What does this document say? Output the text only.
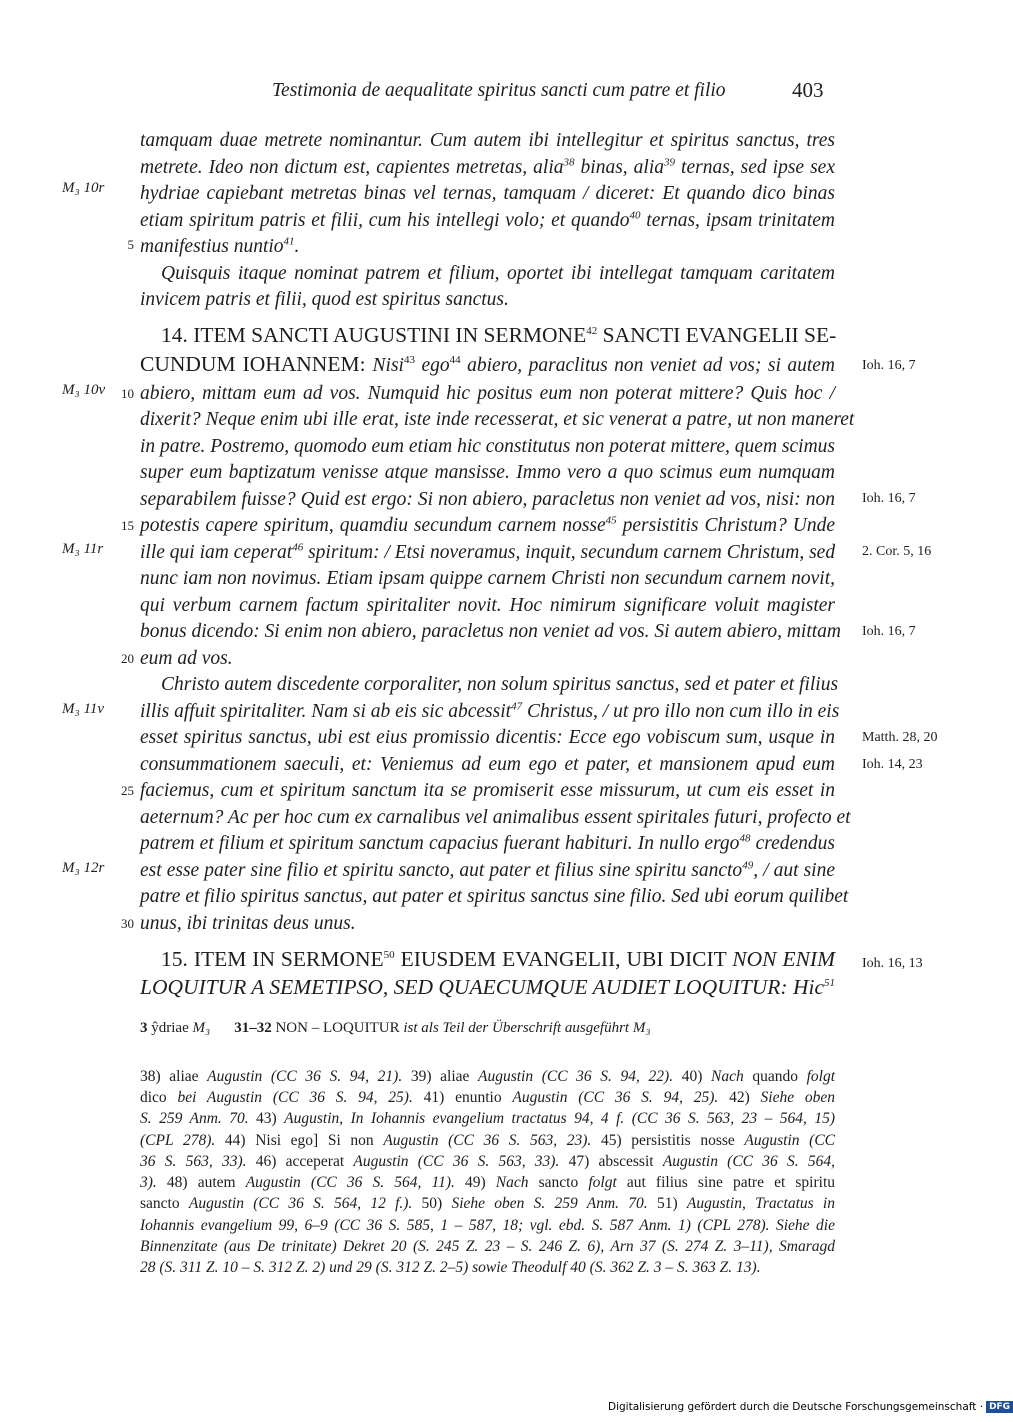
Testimonia de aequalitate spiritus sancti cum patre et filio	403
M₃ 10r
M₃ 10v
M₃ 11r
M₃ 11v
M₃ 12r
5
10
15
20
25
30
Ioh. 16, 7
Ioh. 16, 7
2. Cor. 5, 16
Ioh. 16, 7
Matth. 28, 20
Ioh. 14, 23
Ioh. 16, 13
tamquam duae metrete nominantur. Cum autem ibi intellegitur et spiritus sanctus, tres
metrete. Ideo non dictum est, capientes metretas, alia$^{38}$ binas, alia$^{39}$ ternas, sed ipse sex
hydriae capiebant metretas binas vel ternas, tamquam / diceret: Et quando dico binas
etiam spiritum patris et filii, cum his intellegi volo; et quando$^{40}$ ternas, ipsam trinitatem
manifestius nuntio$^{41}$.
Quisquis itaque nominat patrem et filium, oportet ibi intellegat tamquam caritatem
invicem patris et filii, quod est spiritus sanctus.
14. ITEM SANCTI AUGUSTINI IN SERMONE$^{42}$ SANCTI EVANGELII SE-
CUNDUM IOHANNEM: Nisi$^{43}$ ego$^{44}$ abiero, paraclitus non veniet ad vos; si autem
abiero, mittam eum ad vos. Numquid hic positus eum non poterat mittere? Quis hoc /
dixerit? Neque enim ubi ille erat, iste inde recesserat, et sic venerat a patre, ut non maneret
in patre. Postremo, quomodo eum etiam hic constitutus non poterat mittere, quem scimus
super eum baptizatum venisse atque mansisse. Immo vero a quo scimus eum numquam
separabilem fuisse? Quid est ergo: Si non abiero, paracletus non veniet ad vos, nisi: non
potestis capere spiritum, quamdiu secundum carnem nosse$^{45}$ persistitis Christum? Unde
ille qui iam ceperat$^{46}$ spiritum: / Etsi noveramus, inquit, secundum carnem Christum, sed
nunc iam non novimus. Etiam ipsam quippe carnem Christi non secundum carnem novit,
qui verbum carnem factum spiritaliter novit. Hoc nimirum significare voluit magister
bonus dicendo: Si enim non abiero, paracletus non veniet ad vos. Si autem abiero, mittam
eum ad vos.
Christo autem discedente corporaliter, non solum spiritus sanctus, sed et pater et filius
illis affuit spiritaliter. Nam si ab eis sic abcessit$^{47}$ Christus, / ut pro illo non cum illo in eis
esset spiritus sanctus, ubi est eius promissio dicentis: Ecce ego vobiscum sum, usque in
consummationem saeculi, et: Veniemus ad eum ego et pater, et mansionem apud eum
faciemus, cum et spiritum sanctum ita se promiserit esse missurum, ut cum eis esset in
aeternum? Ac per hoc cum ex carnalibus vel animalibus essent spiritales futuri, profecto et
patrem et filium et spiritum sanctum capacius fuerant habituri. In nullo ergo$^{48}$ credendus
est esse pater sine filio et spiritu sancto, aut pater et filius sine spiritu sancto$^{49}$, / aut sine
patre et filio spiritus sanctus, aut pater et spiritus sanctus sine filio. Sed ubi eorum quilibet
unus, ibi trinitas deus unus.
15. ITEM IN SERMONE$^{50}$ EIUSDEM EVANGELII, UBI DICIT NON ENIM
LOQUITUR A SEMETIPSO, SED QUAECUMQUE AUDIET LOQUITUR: Hic$^{51}$
3 ŷdriae M₃ 31–32 NON – LOQUITUR ist als Teil der Überschrift ausgeführt M₃
38) aliae Augustin (CC 36 S. 94, 21). 39) aliae Augustin (CC 36 S. 94, 22). 40) Nach quando folgt
dico bei Augustin (CC 36 S. 94, 25). 41) enuntio Augustin (CC 36 S. 94, 25). 42) Siehe oben
S. 259 Anm. 70. 43) Augustin, In Iohannis evangelium tractatus 94, 4 f. (CC 36 S. 563, 23 – 564, 15)
(CPL 278). 44) Nisi ego] Si non Augustin (CC 36 S. 563, 23). 45) persistitis nosse Augustin (CC
36 S. 563, 33). 46) acceperat Augustin (CC 36 S. 563, 33). 47) abscessit Augustin (CC 36 S. 564,
3). 48) autem Augustin (CC 36 S. 564, 11). 49) Nach sancto folgt aut filius sine patre et spiritu
sancto Augustin (CC 36 S. 564, 12 f.). 50) Siehe oben S. 259 Anm. 70. 51) Augustin, Tractatus in
Iohannis evangelium 99, 6–9 (CC 36 S. 585, 1 – 587, 18; vgl. ebd. S. 587 Anm. 1) (CPL 278). Siehe die
Binnenzitate (aus De trinitate) Dekret 20 (S. 245 Z. 23 – S. 246 Z. 6), Arn 37 (S. 274 Z. 3–11), Smaragd
28 (S. 311 Z. 10 – S. 312 Z. 2) und 29 (S. 312 Z. 2–5) sowie Theodulf 40 (S. 362 Z. 3 – S. 363 Z. 13).
Digitalisierung gefördert durch die Deutsche Forschungsgemeinschaft · DFG
